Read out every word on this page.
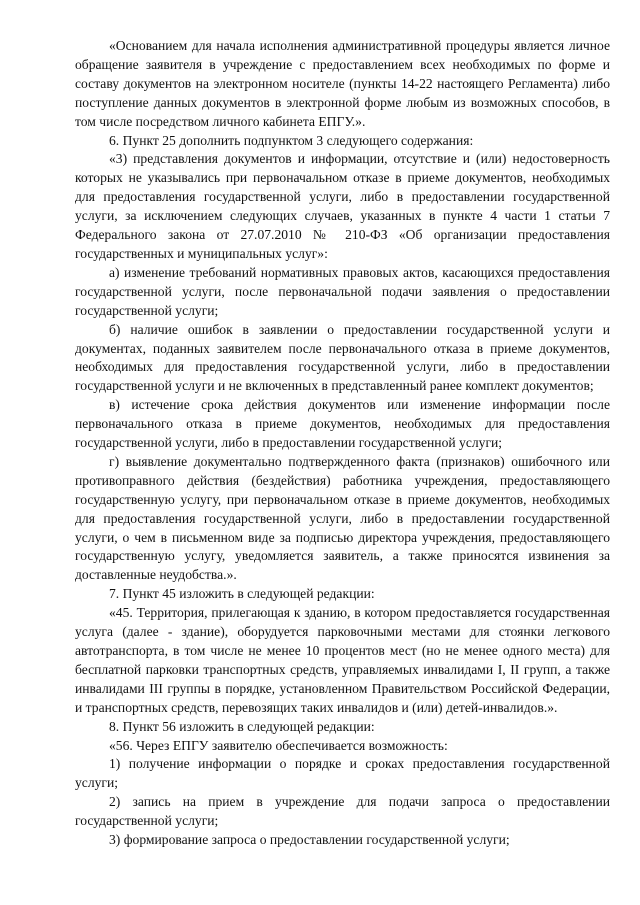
«Основанием для начала исполнения административной процедуры является личное обращение заявителя в учреждение с предоставлением всех необходимых по форме и составу документов на электронном носителе (пункты 14-22 настоящего Регламента) либо поступление данных документов в электронной форме любым из возможных способов, в том числе посредством личного кабинета ЕПГУ.».

6. Пункт 25 дополнить подпунктом 3 следующего содержания:

«3) представления документов и информации, отсутствие и (или) недостоверность которых не указывались при первоначальном отказе в приеме документов, необходимых для предоставления государственной услуги, либо в предоставлении государственной услуги, за исключением следующих случаев, указанных в пункте 4 части 1 статьи 7 Федерального закона от 27.07.2010 № 210-ФЗ «Об организации предоставления государственных и муниципальных услуг»:

а) изменение требований нормативных правовых актов, касающихся предоставления государственной услуги, после первоначальной подачи заявления о предоставлении государственной услуги;

б) наличие ошибок в заявлении о предоставлении государственной услуги и документах, поданных заявителем после первоначального отказа в приеме документов, необходимых для предоставления государственной услуги, либо в предоставлении государственной услуги и не включенных в представленный ранее комплект документов;

в) истечение срока действия документов или изменение информации после первоначального отказа в приеме документов, необходимых для предоставления государственной услуги, либо в предоставлении государственной услуги;

г) выявление документально подтвержденного факта (признаков) ошибочного или противоправного действия (бездействия) работника учреждения, предоставляющего государственную услугу, при первоначальном отказе в приеме документов, необходимых для предоставления государственной услуги, либо в предоставлении государственной услуги, о чем в письменном виде за подписью директора учреждения, предоставляющего государственную услугу, уведомляется заявитель, а также приносятся извинения за доставленные неудобства.».

7. Пункт 45 изложить в следующей редакции:

«45. Территория, прилегающая к зданию, в котором предоставляется государственная услуга (далее - здание), оборудуется парковочными местами для стоянки легкового автотранспорта, в том числе не менее 10 процентов мест (но не менее одного места) для бесплатной парковки транспортных средств, управляемых инвалидами I, II групп, а также инвалидами III группы в порядке, установленном Правительством Российской Федерации, и транспортных средств, перевозящих таких инвалидов и (или) детей-инвалидов.».

8. Пункт 56 изложить в следующей редакции:

«56. Через ЕПГУ заявителю обеспечивается возможность:

1) получение информации о порядке и сроках предоставления государственной услуги;

2) запись на прием в учреждение для подачи запроса о предоставлении государственной услуги;

3) формирование запроса о предоставлении государственной услуги;
